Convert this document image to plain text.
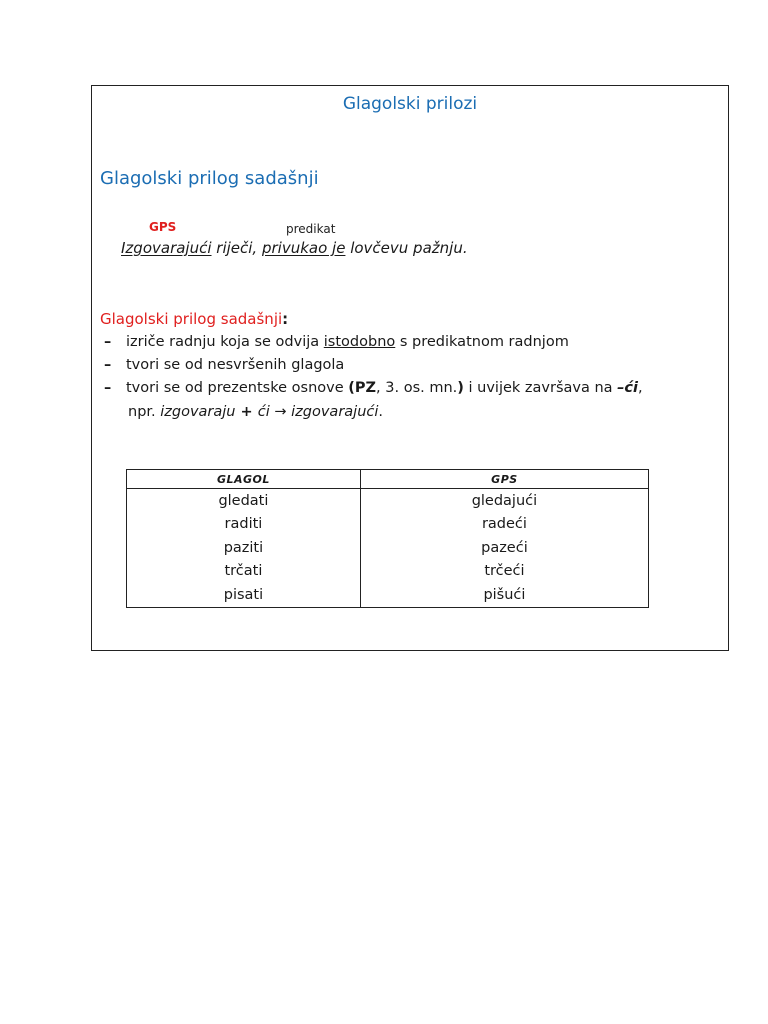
Glagolski prilozi
Glagolski prilog sadašnji
GPS	predikat
Izgovarajući riječi, privukao je lovčevu pažnju.
Glagolski prilog sadašnji:
– izriče radnju koja se odvija istodobno s predikatnom radnjom
– tvori se od nesvršenih glagola
– tvori se od prezentske osnove (PZ, 3. os. mn.) i uvijek završava na –ći,
npr. izgovaraju + ći → izgovarajući.
GLAGOL	GPS
gledati	gledajući
raditi	radeći
paziti	pazeći
trčati	trčeći
pisati	pišući
